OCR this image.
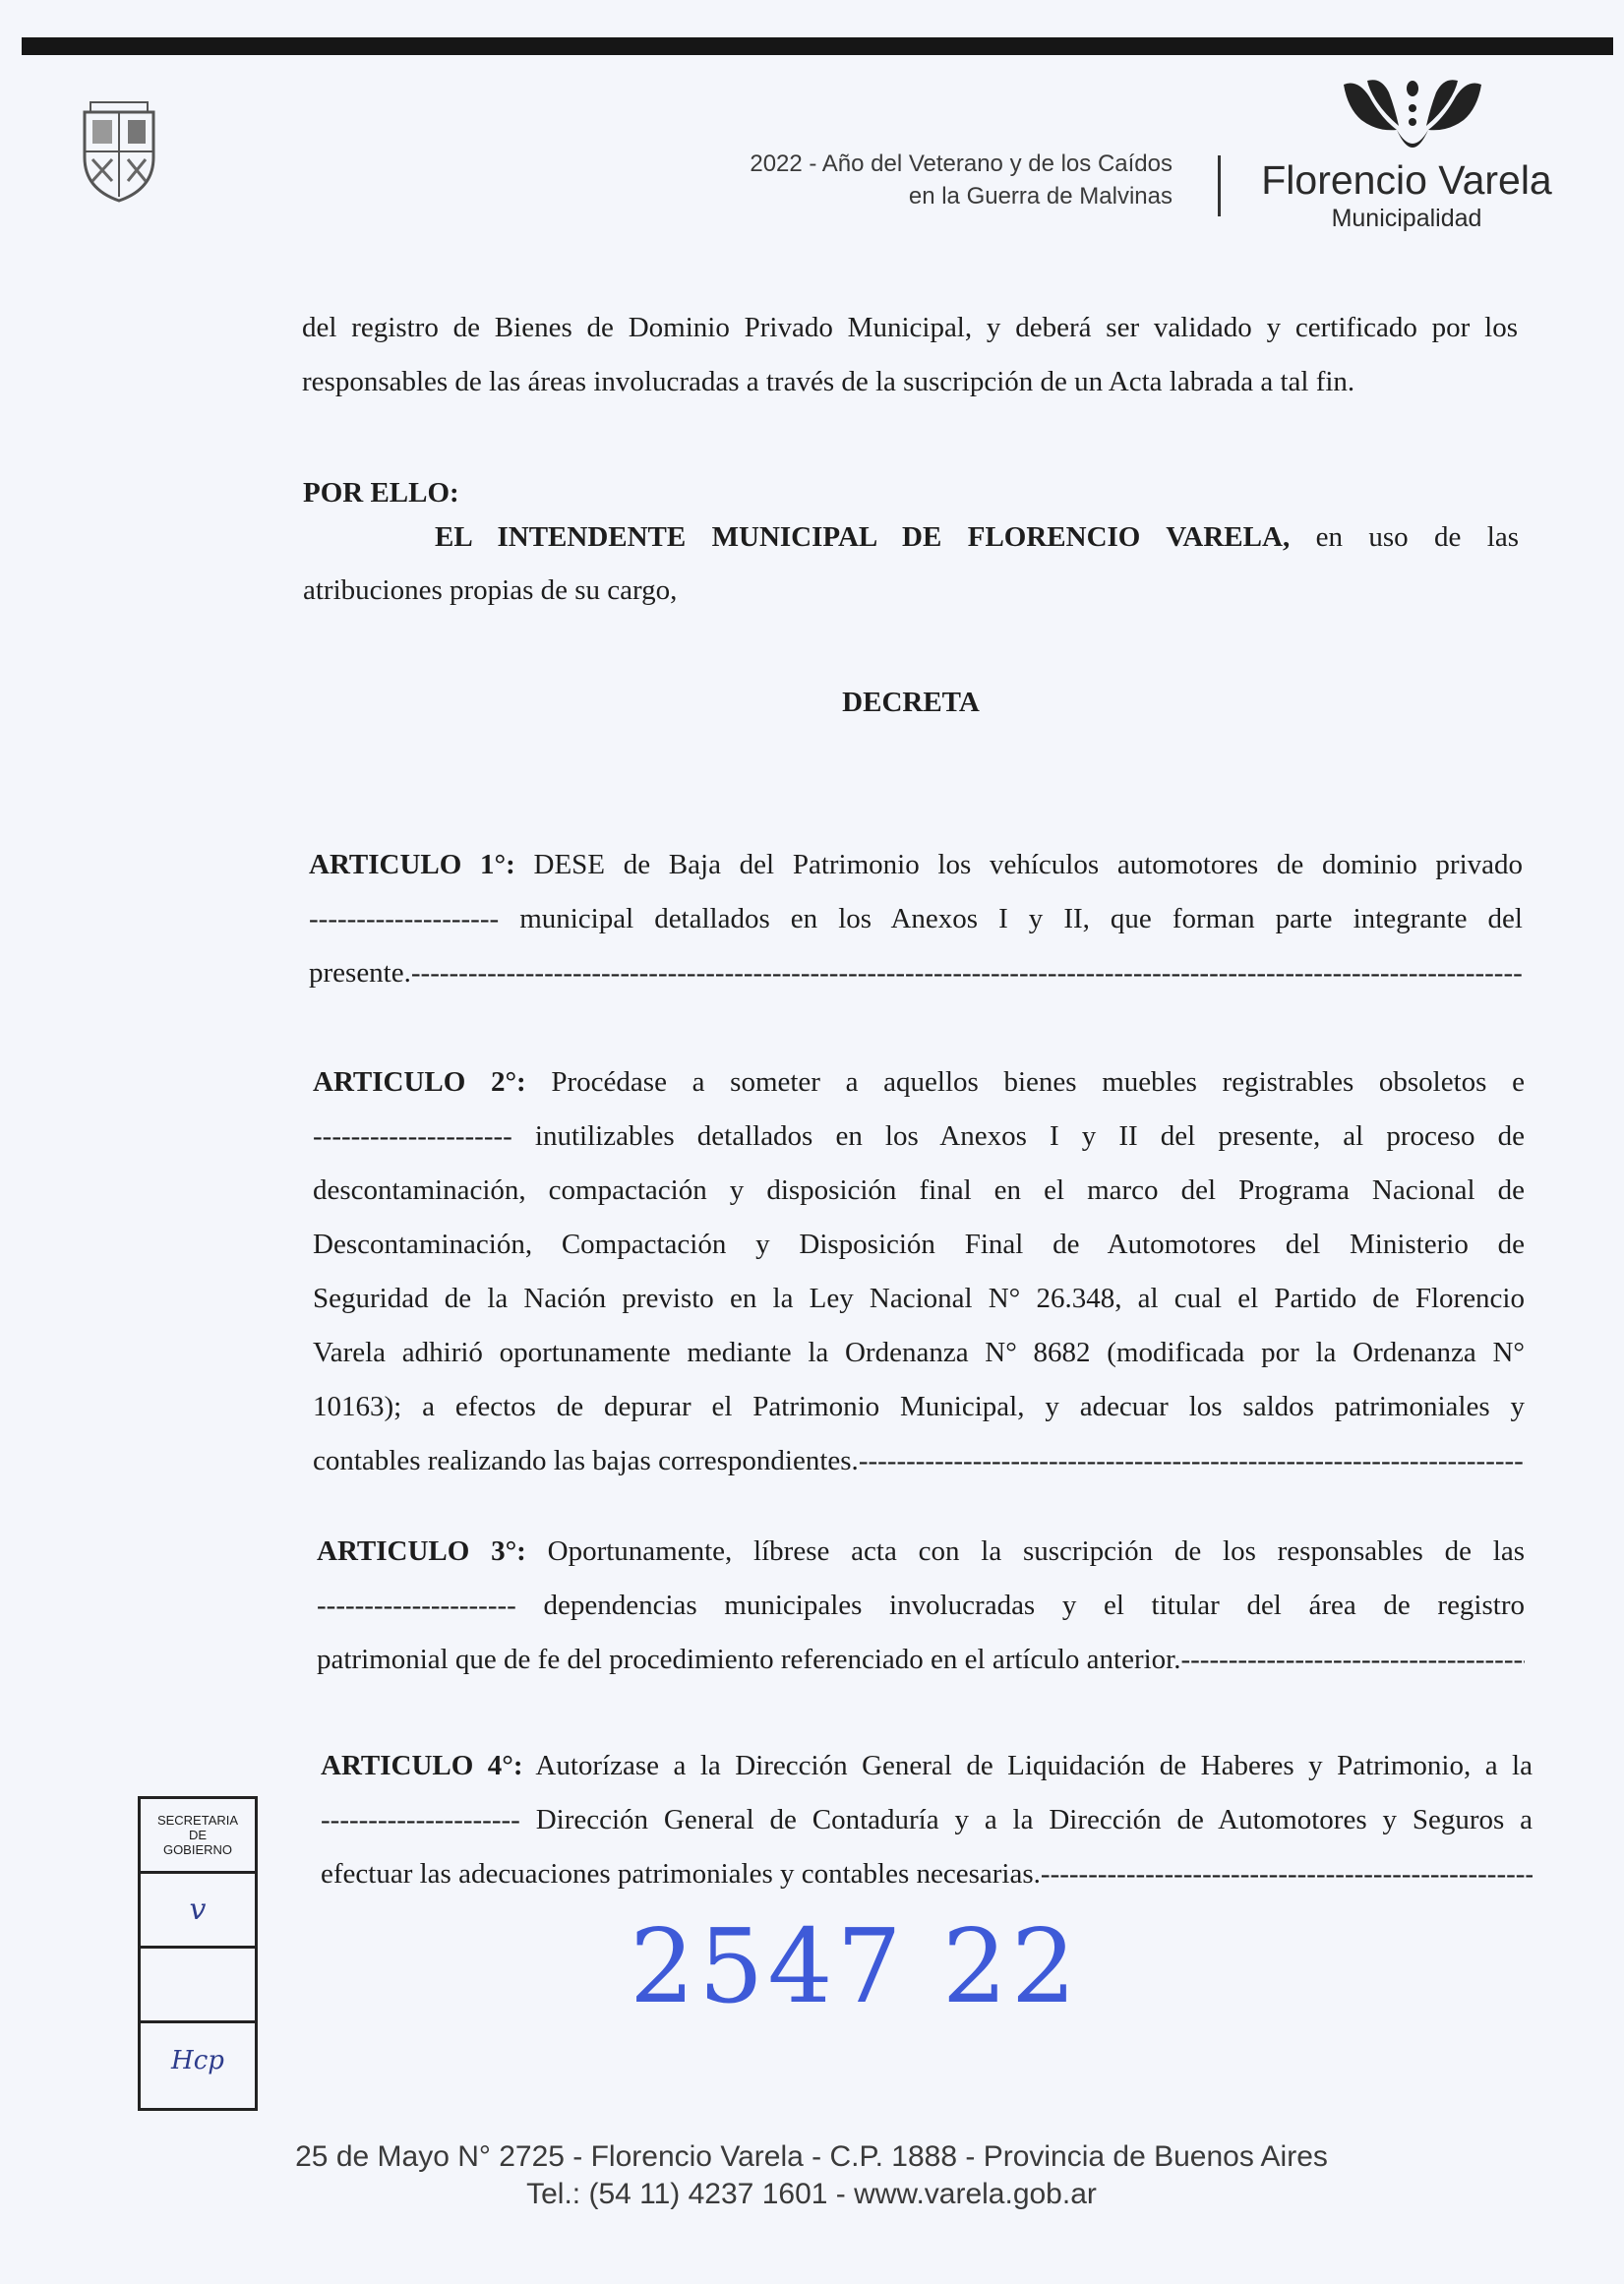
2022 - Año del Veterano y de los Caídos
en la Guerra de Malvinas Florencio Varela
Municipalidad
del registro de Bienes de Dominio Privado Municipal, y deberá ser validado y certificado por los responsables de las áreas involucradas a través de la suscripción de un Acta labrada a tal fin.
POR ELLO:
EL INTENDENTE MUNICIPAL DE FLORENCIO VARELA, en uso de las
atribuciones propias de su cargo,
DECRETA
ARTICULO 1°: DESE de Baja del Patrimonio los vehículos automotores de dominio privado
-------------------- municipal detallados en los Anexos I y II, que forman parte integrante del
presente. -----
ARTICULO 2°: Procédase a someter a aquellos bienes muebles registrables obsoletos e
--------------------- inutilizables detallados en los Anexos I y II del presente, al proceso de
descontaminación, compactación y disposición final en el marco del Programa Nacional de
Descontaminación, Compactación y Disposición Final de Automotores del Ministerio de
Seguridad de la Nación previsto en la Ley Nacional N° 26.348, al cual el Partido de Florencio
Varela adhirió oportunamente mediante la Ordenanza N° 8682 (modificada por la Ordenanza N°
10163); a efectos de depurar el Patrimonio Municipal, y adecuar los saldos patrimoniales y
contables realizando las bajas correspondientes. -----
ARTICULO 3°: Oportunamente, líbrese acta con la suscripción de los responsables de las
--------------------- dependencias municipales involucradas y el titular del área de registro
patrimonial que de fe del procedimiento referenciado en el artículo anterior. -----
ARTICULO 4°: Autorízase a la Dirección General de Liquidación de Haberes y Patrimonio, a la
--------------------- Dirección General de Contaduría y a la Dirección de Automotores y Seguros a
efectuar las adecuaciones patrimoniales y contables necesarias. -----
2547 22
SECRETARIA
DE
GOBIERNO
v
Hcp
25 de Mayo N° 2725 - Florencio Varela - C.P. 1888 - Provincia de Buenos Aires
Tel.: (54 11) 4237 1601 - www.varela.gob.ar
